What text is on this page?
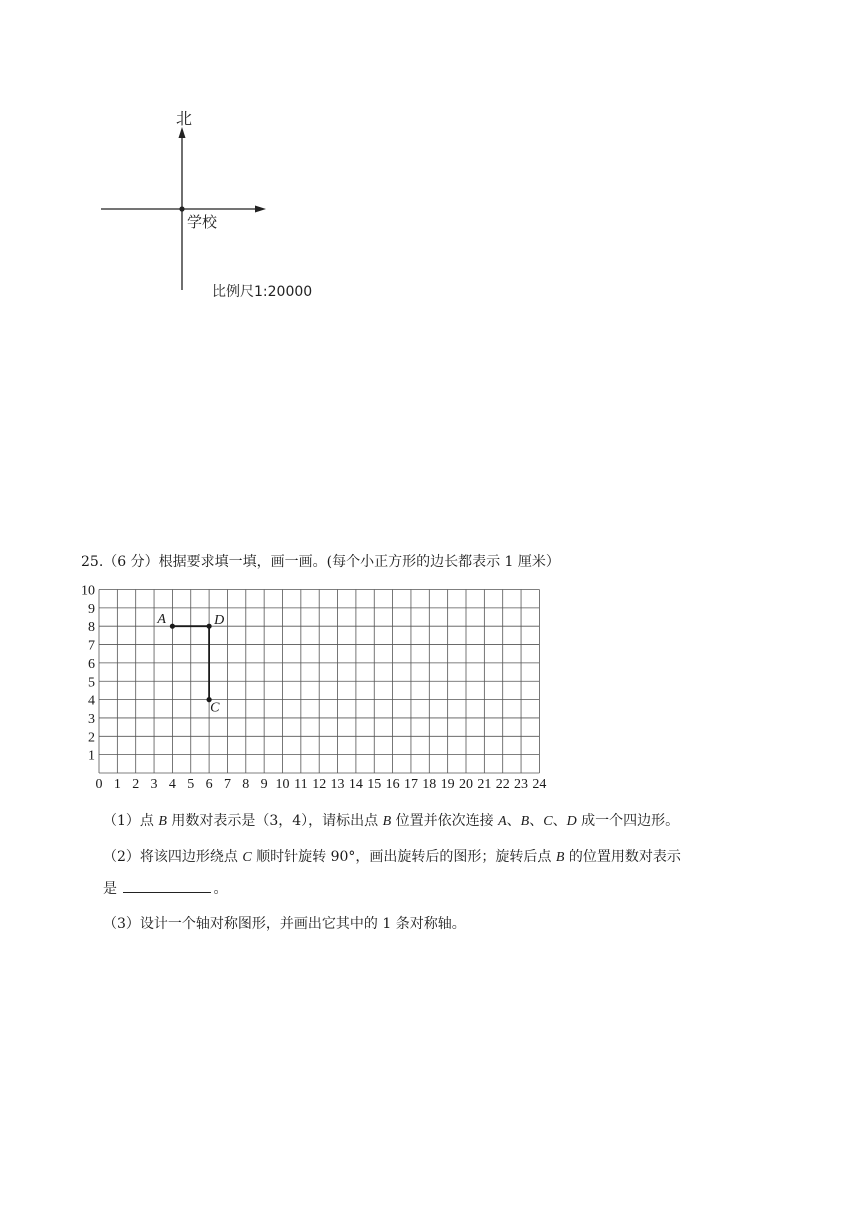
北
学校
比例尺1:20000
25.（6 分）根据要求填一填，画一画。(每个小正方形的边长都表示 1 厘米）
0 1 2 3 4 5 6 7 8 9 10 11 12 13 14 15 16 17 18 19 20 21 22 23 24
1
2
3
4
5
6
7
8
9
10
A	D
C
（1）点 B 用数对表示是（3，4），请标出点 B 位置并依次连接 A、B、C、D 成一个四边形。
（2）将该四边形绕点 C 顺时针旋转 90°，画出旋转后的图形；旋转后点 B 的位置用数对表示
是	。
（3）设计一个轴对称图形，并画出它其中的 1 条对称轴。
